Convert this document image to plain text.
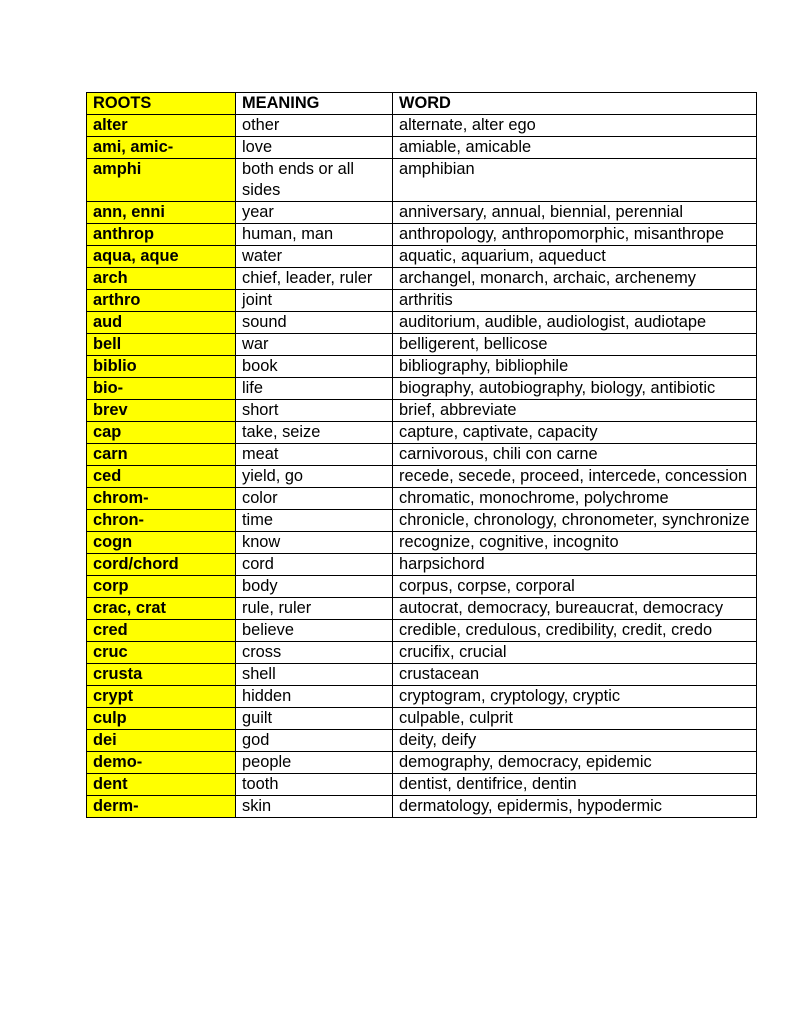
ROOTS	MEANING	WORD
alter	other	alternate, alter ego
ami, amic-	love	amiable, amicable
amphi	both ends or all sides	amphibian
ann, enni	year	anniversary, annual, biennial, perennial
anthrop	human, man	anthropology, anthropomorphic, misanthrope
aqua, aque	water	aquatic, aquarium, aqueduct
arch	chief, leader, ruler	archangel, monarch, archaic, archenemy
arthro	joint	arthritis
aud	sound	auditorium, audible, audiologist, audiotape
bell	war	belligerent, bellicose
biblio	book	bibliography, bibliophile
bio-	life	biography, autobiography, biology, antibiotic
brev	short	brief, abbreviate
cap	take, seize	capture, captivate, capacity
carn	meat	carnivorous, chili con carne
ced	yield, go	recede, secede, proceed, intercede, concession
chrom-	color	chromatic, monochrome, polychrome
chron-	time	chronicle, chronology, chronometer, synchronize
cogn	know	recognize, cognitive, incognito
cord/chord	cord	harpsichord
corp	body	corpus, corpse, corporal
crac, crat	rule, ruler	autocrat, democracy, bureaucrat, democracy
cred	believe	credible, credulous, credibility, credit, credo
cruc	cross	crucifix, crucial
crusta	shell	crustacean
crypt	hidden	cryptogram, cryptology, cryptic
culp	guilt	culpable, culprit
dei	god	deity, deify
demo-	people	demography, democracy, epidemic
dent	tooth	dentist, dentifrice, dentin
derm-	skin	dermatology, epidermis, hypodermic
